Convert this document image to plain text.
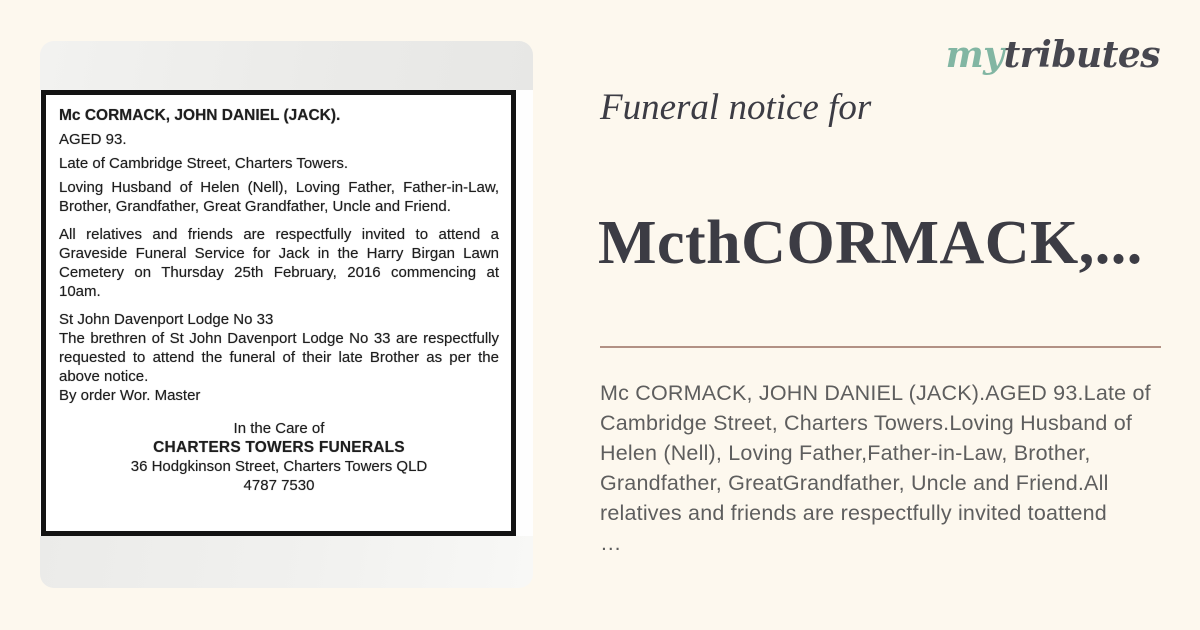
Mc CORMACK, JOHN DANIEL (JACK).
AGED 93.
Late of Cambridge Street, Charters Towers.
Loving Husband of Helen (Nell), Loving Father, Father-in-Law, Brother, Grandfather, Great Grandfather, Uncle and Friend.
All relatives and friends are respectfully invited to attend a Graveside Funeral Service for Jack in the Harry Birgan Lawn Cemetery on Thursday 25th February, 2016 commencing at 10am.
St John Davenport Lodge No 33
The brethren of St John Davenport Lodge No 33 are respectfully requested to attend the funeral of their late Brother as per the above notice.
By order Wor. Master
In the Care of
CHARTERS TOWERS FUNERALS
36 Hodgkinson Street, Charters Towers QLD
4787 7530
mytributes
Funeral notice for
McthCORMACK,...
Mc CORMACK, JOHN DANIEL (JACK).AGED 93.Late of Cambridge Street, Charters Towers.Loving Husband of Helen (Nell), Loving Father,Father-in-Law, Brother, Grandfather, GreatGrandfather, Uncle and Friend.All relatives and friends are respectfully invited toattend
…
